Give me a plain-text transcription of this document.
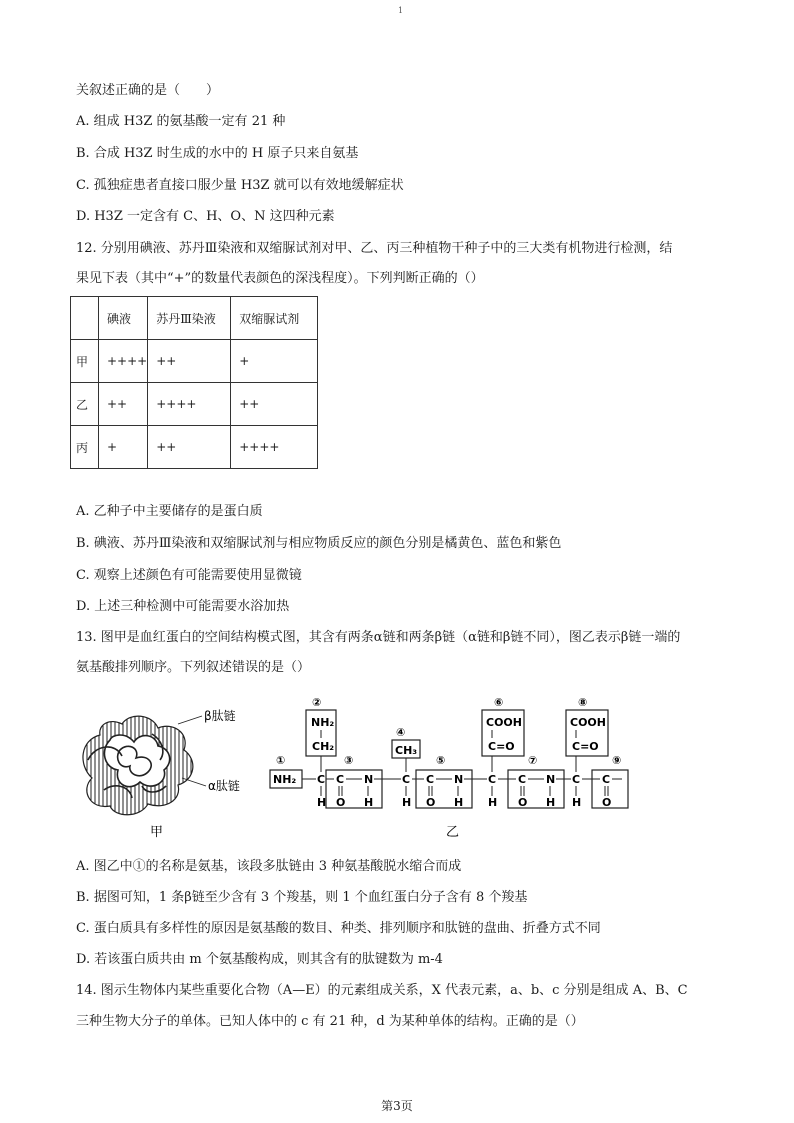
1
关叙述正确的是（　　）
A. 组成 H3Z 的氨基酸一定有 21 种
B. 合成 H3Z 时生成的水中的 H 原子只来自氨基
C. 孤独症患者直接口服少量 H3Z 就可以有效地缓解症状
D. H3Z 一定含有 C、H、O、N 这四种元素
12. 分别用碘液、苏丹Ⅲ染液和双缩脲试剂对甲、乙、丙三种植物干种子中的三大类有机物进行检测，结
果见下表（其中“+”的数量代表颜色的深浅程度）。下列判断正确的（）
	碘液	苏丹Ⅲ染液	双缩脲试剂
甲	++++	++	+
乙	++	++++	++
丙	+	++	++++
A. 乙种子中主要储存的是蛋白质
B. 碘液、苏丹Ⅲ染液和双缩脲试剂与相应物质反应的颜色分别是橘黄色、蓝色和紫色
C. 观察上述颜色有可能需要使用显微镜
D. 上述三种检测中可能需要水浴加热
13. 图甲是血红蛋白的空间结构模式图，其含有两条α链和两条β链（α链和β链不同），图乙表示β链一端的
氨基酸排列顺序。下列叙述错误的是（）
β肽链
α肽链
甲
①
②
③
④
⑤
⑥
⑦
⑧
⑨
NH₂
CH₂	CH₃
COOH
C=O
COOH
C=O
NH₂ C
H
C
O
N
H
C
H
C
O
N
H
C
H
C
O
N
H
C
H
C
O
乙
A. 图乙中①的名称是氨基，该段多肽链由 3 种氨基酸脱水缩合而成
B. 据图可知，1 条β链至少含有 3 个羧基，则 1 个血红蛋白分子含有 8 个羧基
C. 蛋白质具有多样性的原因是氨基酸的数目、种类、排列顺序和肽链的盘曲、折叠方式不同
D. 若该蛋白质共由 m 个氨基酸构成，则其含有的肽键数为 m-4
14. 图示生物体内某些重要化合物（A—E）的元素组成关系，X 代表元素，a、b、c 分别是组成 A、B、C
三种生物大分子的单体。已知人体中的 c 有 21 种，d 为某种单体的结构。正确的是（）
第3页
